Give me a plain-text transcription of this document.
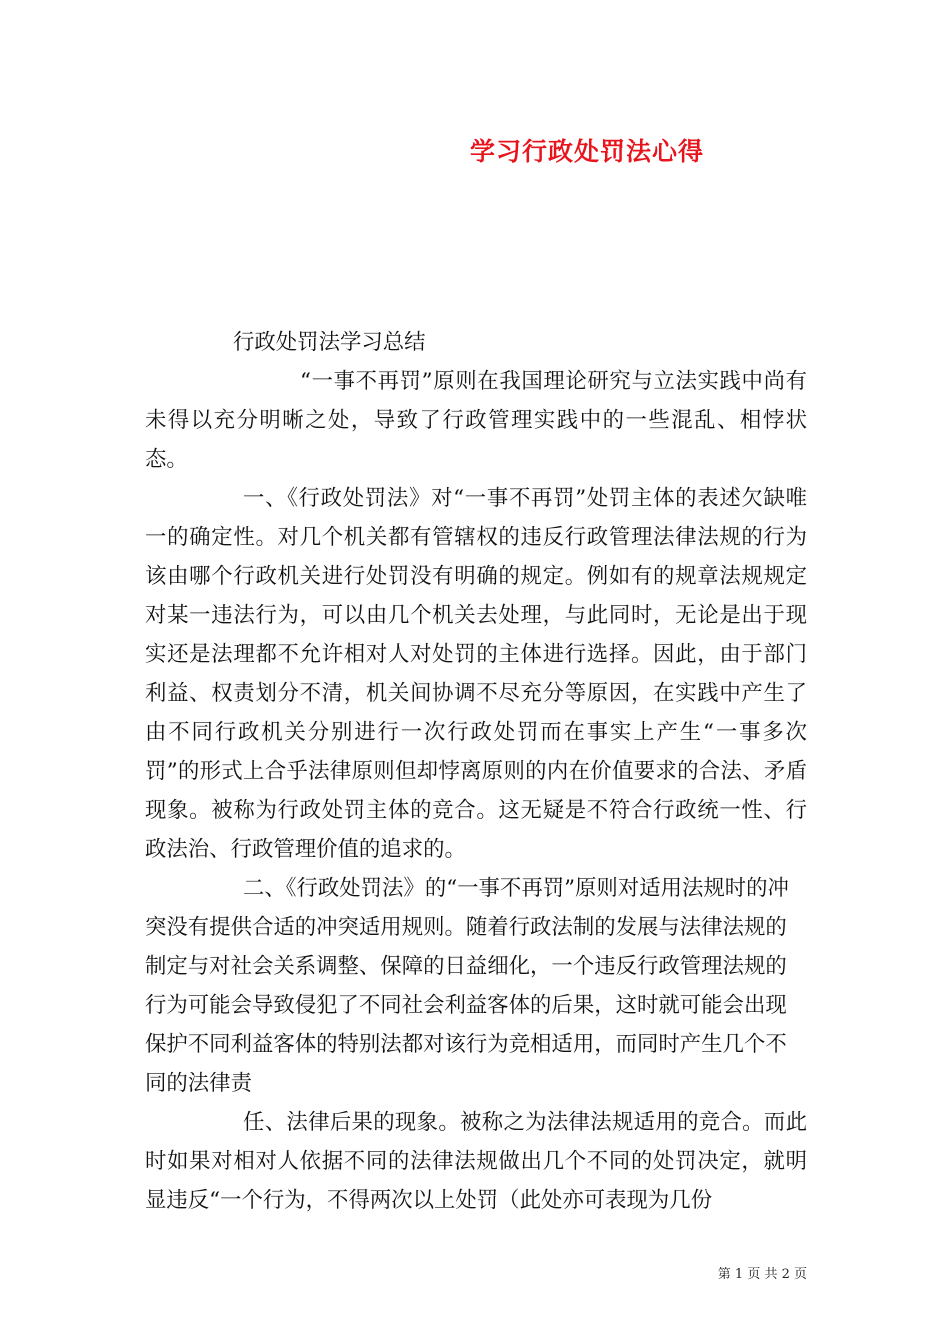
学习行政处罚法心得

行政处罚法学习总结

“一事不再罚”原则在我国理论研究与立法实践中尚有未得以充分明晰之处，导致了行政管理实践中的一些混乱、相悖状态。

一、《行政处罚法》对“一事不再罚”处罚主体的表述欠缺唯一的确定性。对几个机关都有管辖权的违反行政管理法律法规的行为该由哪个行政机关进行处罚没有明确的规定。例如有的规章法规规定对某一违法行为，可以由几个机关去处理，与此同时，无论是出于现实还是法理都不允许相对人对处罚的主体进行选择。因此，由于部门利益、权责划分不清，机关间协调不尽充分等原因，在实践中产生了由不同行政机关分别进行一次行政处罚而在事实上产生“一事多次罚”的形式上合乎法律原则但却悖离原则的内在价值要求的合法、矛盾现象。被称为行政处罚主体的竞合。这无疑是不符合行政统一性、行政法治、行政管理价值的追求的。

二、《行政处罚法》的“一事不再罚”原则对适用法规时的冲突没有提供合适的冲突适用规则。随着行政法制的发展与法律法规的制定与对社会关系调整、保障的日益细化，一个违反行政管理法规的行为可能会导致侵犯了不同社会利益客体的后果，这时就可能会出现保护不同利益客体的特别法都对该行为竞相适用，而同时产生几个不同的法律责

任、法律后果的现象。被称之为法律法规适用的竞合。而此时如果对相对人依据不同的法律法规做出几个不同的处罚决定，就明显违反“一个行为，不得两次以上处罚（此处亦可表现为几份

第 1 页 共 2 页
